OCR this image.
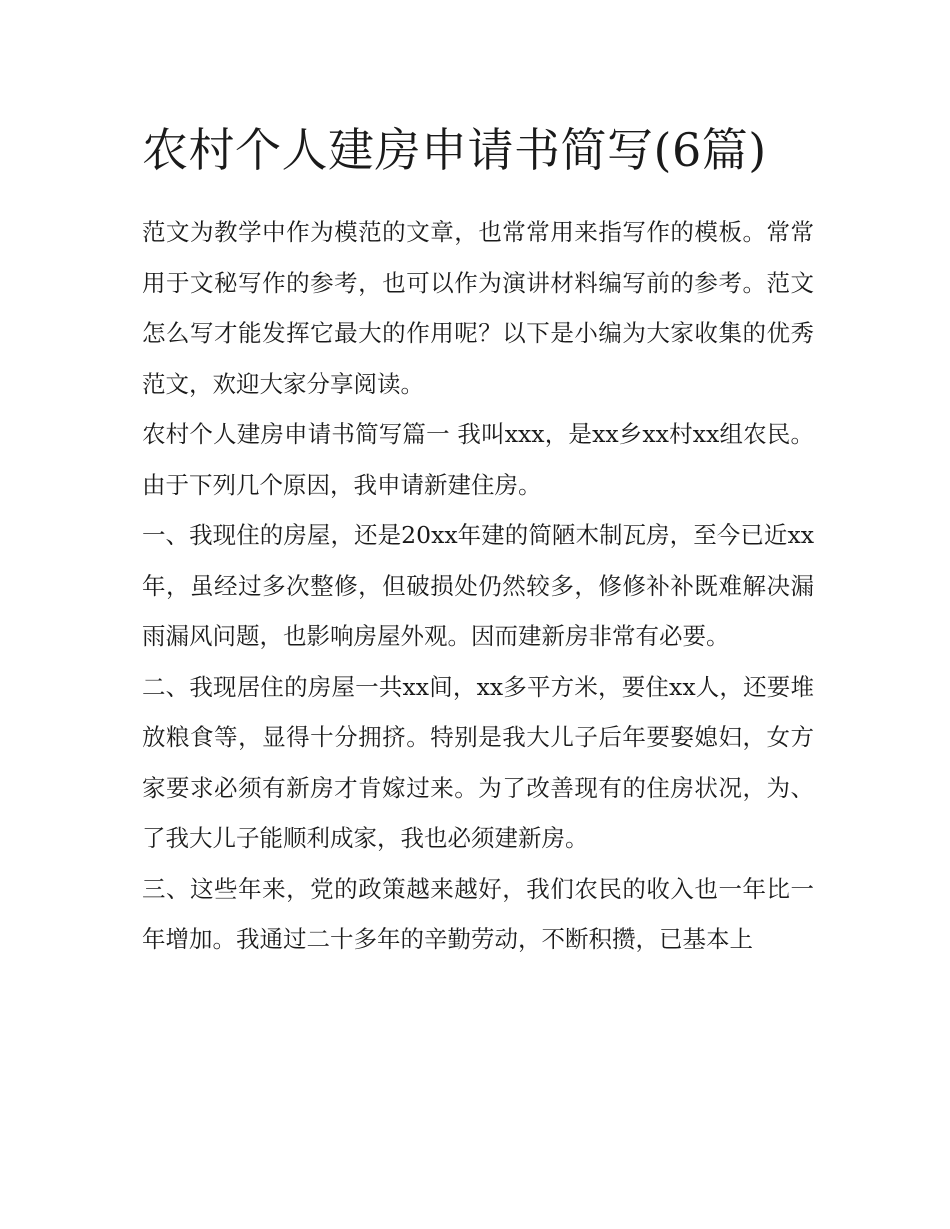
农村个人建房申请书简写(6篇)

范文为教学中作为模范的文章，也常常用来指写作的模板。常常用于文秘写作的参考，也可以作为演讲材料编写前的参考。范文怎么写才能发挥它最大的作用呢？以下是小编为大家收集的优秀范文，欢迎大家分享阅读。

农村个人建房申请书简写篇一 我叫xxx，是xx乡xx村xx组农民。由于下列几个原因，我申请新建住房。

一、我现住的房屋，还是20xx年建的简陋木制瓦房，至今已近xx年，虽经过多次整修，但破损处仍然较多，修修补补既难解决漏雨漏风问题，也影响房屋外观。因而建新房非常有必要。

二、我现居住的房屋一共xx间，xx多平方米，要住xx人，还要堆放粮食等，显得十分拥挤。特别是我大儿子后年要娶媳妇，女方家要求必须有新房才肯嫁过来。为了改善现有的住房状况，为、了我大儿子能顺利成家，我也必须建新房。

三、这些年来，党的政策越来越好，我们农民的收入也一年比一年增加。我通过二十多年的辛勤劳动，不断积攒，已基本上
